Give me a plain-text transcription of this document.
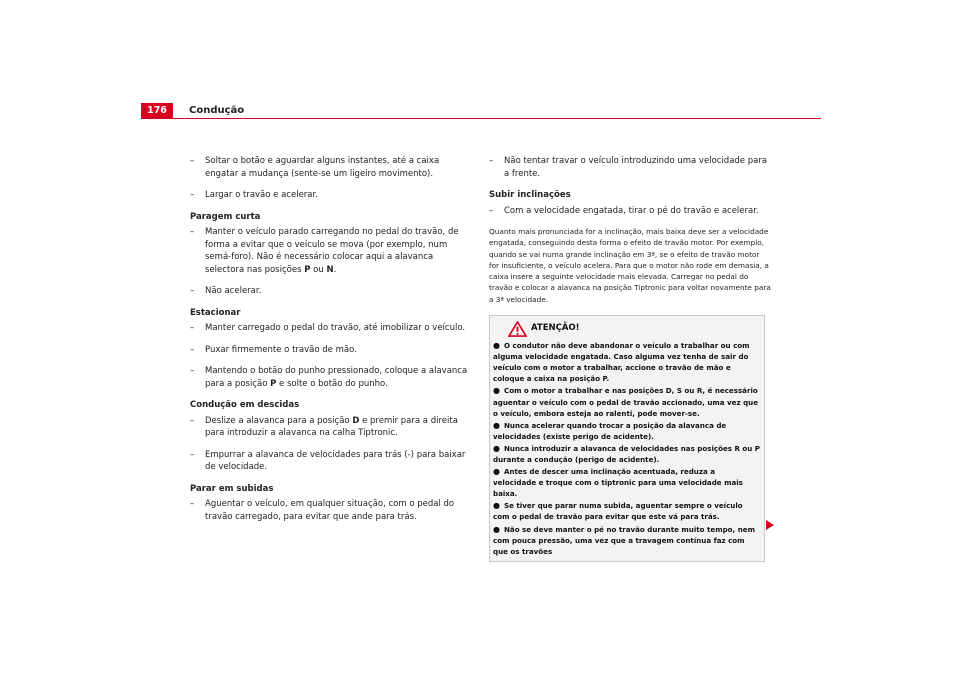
176	Condução
– Soltar o botão e aguardar alguns instantes, até a caixa engatar a mudança (sente-se um ligeiro movimento).
– Largar o travão e acelerar.
Paragem curta
– Manter o veículo parado carregando no pedal do travão, de forma a evitar que o veículo se mova (por exemplo, num semá-foro). Não é necessário colocar aqui a alavanca selectora nas posições P ou N.
– Não acelerar.
Estacionar
– Manter carregado o pedal do travão, até imobilizar o veículo.
– Puxar firmemente o travão de mão.
– Mantendo o botão do punho pressionado, coloque a alavanca para a posição P e solte o botão do punho.
Condução em descidas
– Deslize a alavanca para a posição D e premir para a direita para introduzir a alavanca na calha Tiptronic.
– Empurrar a alavanca de velocidades para trás (-) para baixar de velocidade.
Parar em subidas
– Aguentar o veículo, em qualquer situação, com o pedal do travão carregado, para evitar que ande para trás.
– Não tentar travar o veículo introduzindo uma velocidade para a frente.
Subir inclinações
– Com a velocidade engatada, tirar o pé do travão e acelerar.
Quanto mais pronunciada for a inclinação, mais baixa deve ser a velocidade engatada, conseguindo desta forma o efeito de travão motor. Por exemplo, quando se vai numa grande inclinação em 3ª, se o efeito de travão motor for insuficiente, o veículo acelera. Para que o motor não rode em demasia, a caixa insere a seguinte velocidade mais elevada. Carregar no pedal do travão e colocar a alavanca na posição Tiptronic para voltar novamente para a 3ª velocidade.
ATENÇÃO!
● O condutor não deve abandonar o veículo a trabalhar ou com alguma velocidade engatada. Caso alguma vez tenha de sair do veículo com o motor a trabalhar, accione o travão de mão e coloque a caixa na posição P.
● Com o motor a trabalhar e nas posições D, S ou R, é necessário aguentar o veículo com o pedal de travão accionado, uma vez que o veículo, embora esteja ao ralenti, pode mover-se.
● Nunca acelerar quando trocar a posição da alavanca de velocidades (existe perigo de acidente).
● Nunca introduzir a alavanca de velocidades nas posições R ou P durante a condução (perigo de acidente).
● Antes de descer uma inclinação acentuada, reduza a velocidade e troque com o tiptronic para uma velocidade mais baixa.
● Se tiver que parar numa subida, aguentar sempre o veículo com o pedal de travão para evitar que este vá para trás.
● Não se deve manter o pé no travão durante muito tempo, nem com pouca pressão, uma vez que a travagem contínua faz com que os travões
